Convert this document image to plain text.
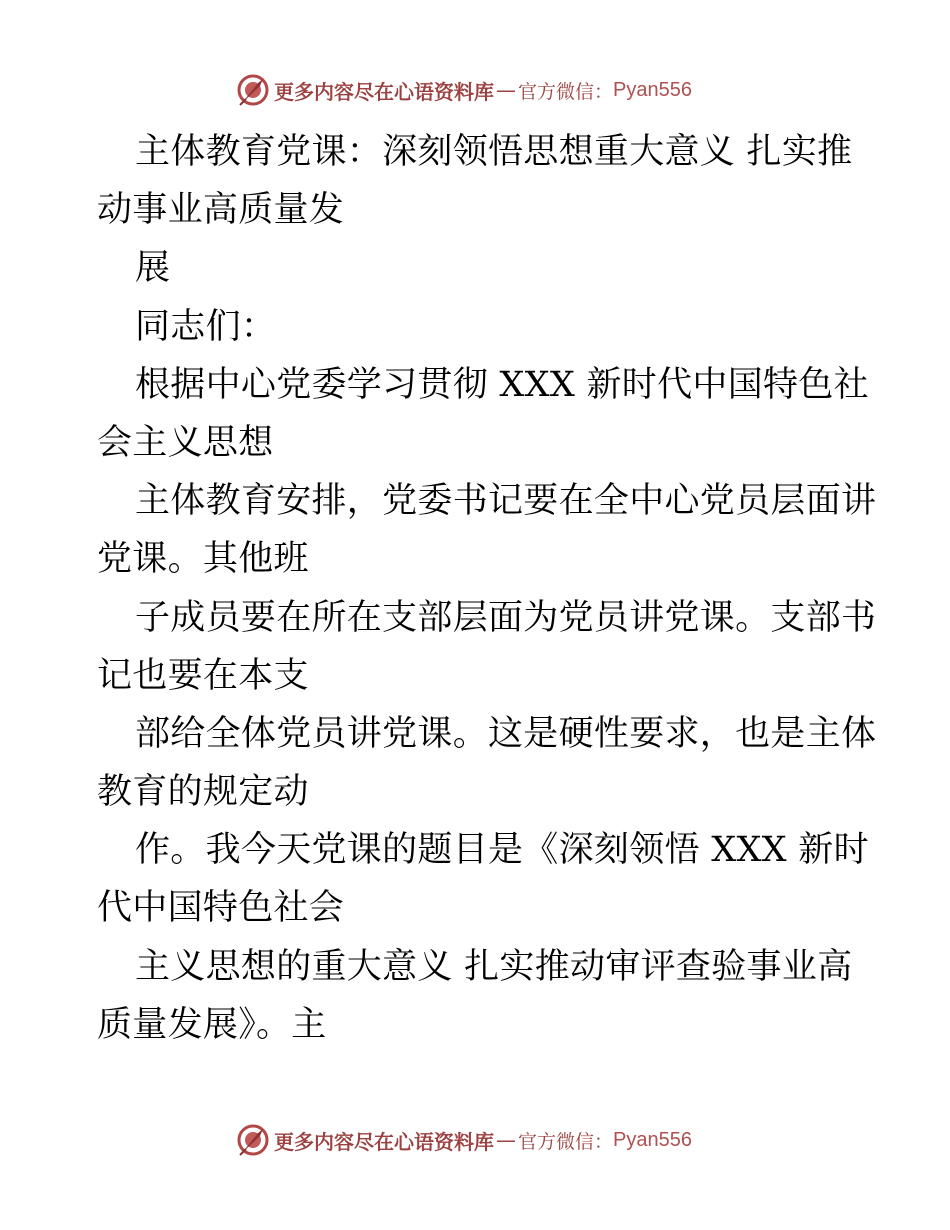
更多内容尽在心语资料库 — 官方微信： Pyan556
主体教育党课：深刻领悟思想重大意义 扎实推
动事业高质量发
展
同志们：
根据中心党委学习贯彻 XXX 新时代中国特色社
会主义思想
主体教育安排，党委书记要在全中心党员层面讲
党课。其他班
子成员要在所在支部层面为党员讲党课。支部书
记也要在本支
部给全体党员讲党课。这是硬性要求，也是主体
教育的规定动
作。我今天党课的题目是《深刻领悟 XXX 新时
代中国特色社会
主义思想的重大意义 扎实推动审评查验事业高
质量发展》。主
更多内容尽在心语资料库 — 官方微信： Pyan556
